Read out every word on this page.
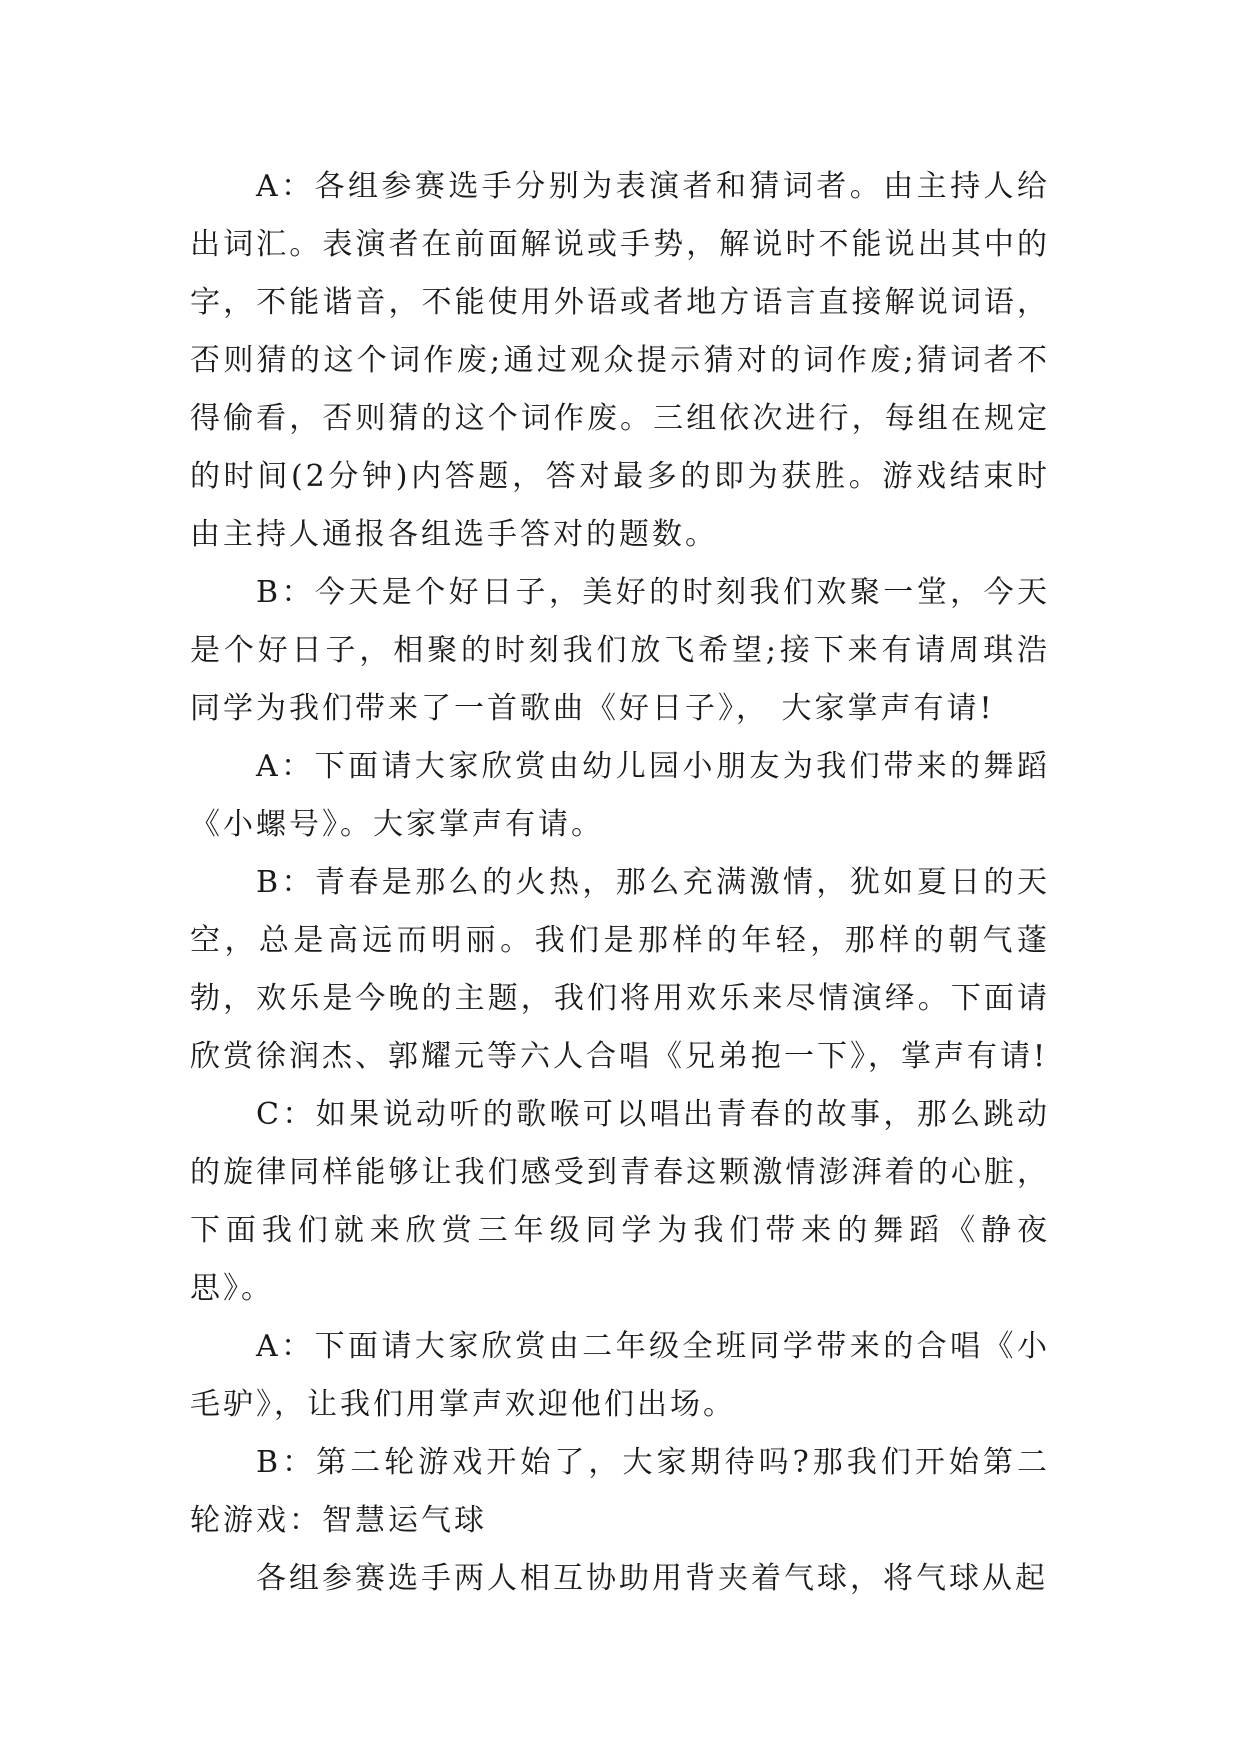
A：各组参赛选手分别为表演者和猜词者。由主持人给出词汇。表演者在前面解说或手势，解说时不能说出其中的字，不能谐音，不能使用外语或者地方语言直接解说词语，否则猜的这个词作废;通过观众提示猜对的词作废;猜词者不得偷看，否则猜的这个词作废。三组依次进行，每组在规定的时间(2分钟)内答题，答对最多的即为获胜。游戏结束时由主持人通报各组选手答对的题数。

B：今天是个好日子，美好的时刻我们欢聚一堂，今天是个好日子，相聚的时刻我们放飞希望;接下来有请周琪浩同学为我们带来了一首歌曲《好日子》， 大家掌声有请!

A：下面请大家欣赏由幼儿园小朋友为我们带来的舞蹈《小螺号》。大家掌声有请。

B：青春是那么的火热，那么充满激情，犹如夏日的天空，总是高远而明丽。我们是那样的年轻，那样的朝气蓬勃，欢乐是今晚的主题，我们将用欢乐来尽情演绎。下面请欣赏徐润杰、郭耀元等六人合唱《兄弟抱一下》，掌声有请!

C：如果说动听的歌喉可以唱出青春的故事，那么跳动的旋律同样能够让我们感受到青春这颗激情澎湃着的心脏，下面我们就来欣赏三年级同学为我们带来的舞蹈《静夜思》。

A：下面请大家欣赏由二年级全班同学带来的合唱《小毛驴》，让我们用掌声欢迎他们出场。

B：第二轮游戏开始了，大家期待吗?那我们开始第二轮游戏：智慧运气球

各组参赛选手两人相互协助用背夹着气球，将气球从起
